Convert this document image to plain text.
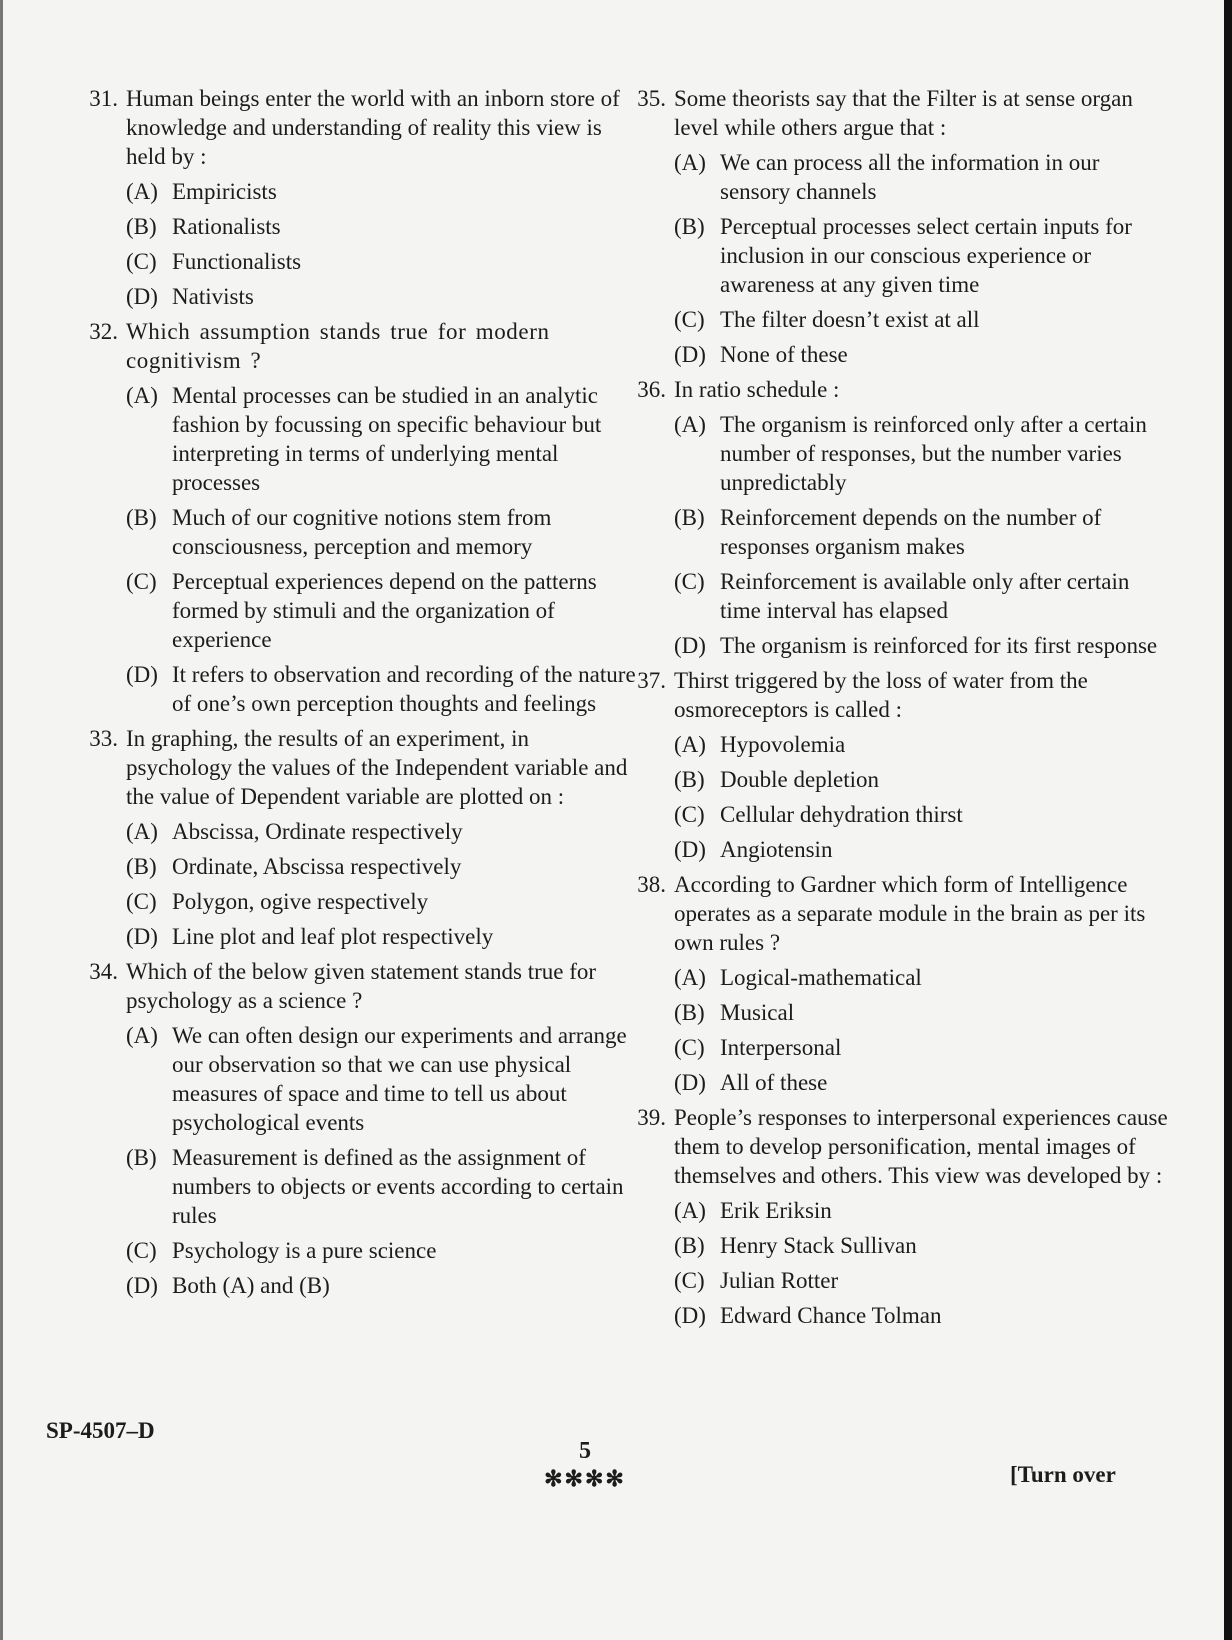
31. Human beings enter the world with an inborn store of knowledge and understanding of reality this view is held by :

(A) Empiricists
(B) Rationalists
(C) Functionalists
(D) Nativists
32. Which assumption stands true for modern cognitivism ?

(A) Mental processes can be studied in an analytic fashion by focussing on specific behaviour but interpreting in terms of underlying mental processes
(B) Much of our cognitive notions stem from consciousness, perception and memory
(C) Perceptual experiences depend on the patterns formed by stimuli and the organization of experience
(D) It refers to observation and recording of the nature of one’s own perception thoughts and feelings
33. In graphing, the results of an experiment, in psychology the values of the Independent variable and the value of Dependent variable are plotted on :

(A) Abscissa, Ordinate respectively
(B) Ordinate, Abscissa respectively
(C) Polygon, ogive respectively
(D) Line plot and leaf plot respectively
34. Which of the below given statement stands true for psychology as a science ?

(A) We can often design our experiments and arrange our observation so that we can use physical measures of space and time to tell us about psychological events
(B) Measurement is defined as the assignment of numbers to objects or events according to certain rules
(C) Psychology is a pure science
(D) Both (A) and (B)
35. Some theorists say that the Filter is at sense organ level while others argue that :

(A) We can process all the information in our sensory channels
(B) Perceptual processes select certain inputs for inclusion in our conscious experience or awareness at any given time
(C) The filter doesn’t exist at all
(D) None of these
36. In ratio schedule :

(A) The organism is reinforced only after a certain number of responses, but the number varies unpredictably
(B) Reinforcement depends on the number of responses organism makes
(C) Reinforcement is available only after certain time interval has elapsed
(D) The organism is reinforced for its first response
37. Thirst triggered by the loss of water from the osmoreceptors is called :

(A) Hypovolemia
(B) Double depletion
(C) Cellular dehydration thirst
(D) Angiotensin
38. According to Gardner which form of Intelligence operates as a separate module in the brain as per its own rules ?

(A) Logical-mathematical
(B) Musical
(C) Interpersonal
(D) All of these
39. People’s responses to interpersonal experiences cause them to develop personification, mental images of themselves and others. This view was developed by :

(A) Erik Eriksin
(B) Henry Stack Sullivan
(C) Julian Rotter
(D) Edward Chance Tolman
SP-4507–D
5
✻✻✻✻	[Turn over
